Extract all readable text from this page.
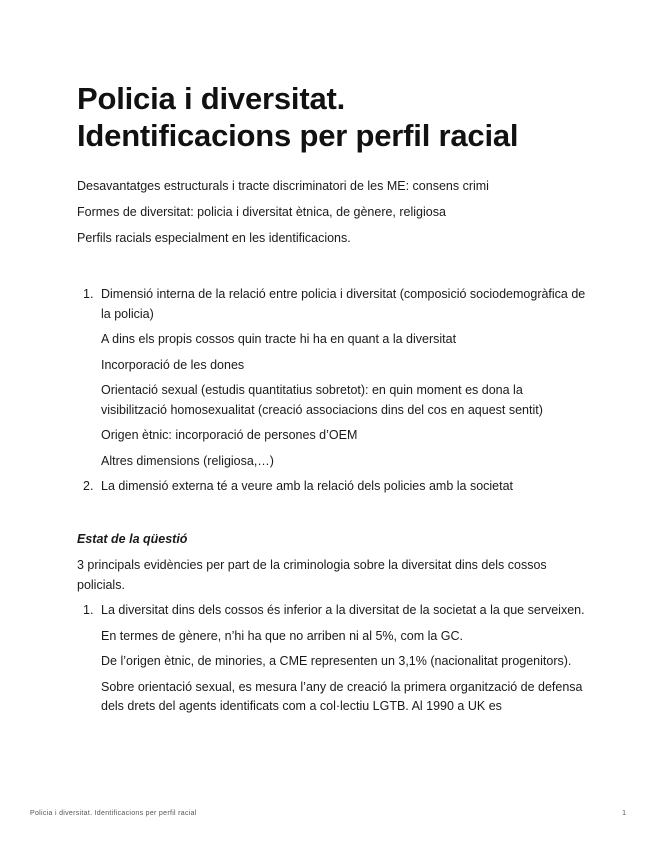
Policia i diversitat.
Identificacions per perfil racial

Desavantatges estructurals i tracte discriminatori de les ME: consens crimi

Formes de diversitat: policia i diversitat ètnica, de gènere, religiosa

Perfils racials especialment en les identificacions.

1. Dimensió interna de la relació entre policia i diversitat (composició sociodemogràfica de la policia)

A dins els propis cossos quin tracte hi ha en quant a la diversitat

Incorporació de les dones

Orientació sexual (estudis quantitatius sobretot): en quin moment es dona la visibilització homosexualitat (creació associacions dins del cos en aquest sentit)

Origen ètnic: incorporació de persones d’OEM

Altres dimensions (religiosa,…)

2. La dimensió externa té a veure amb la relació dels policies amb la societat

Estat de la qüestió

3 principals evidències per part de la criminologia sobre la diversitat dins dels cossos policials.

1. La diversitat dins dels cossos és inferior a la diversitat de la societat a la que serveixen.

En termes de gènere, n’hi ha que no arriben ni al 5%, com la GC.

De l’origen ètnic, de minories, a CME representen un 3,1% (nacionalitat progenitors).

Sobre orientació sexual, es mesura l’any de creació la primera organització de defensa dels drets del agents identificats com a col·lectiu LGTB. Al 1990 a UK es

Policia i diversitat. Identificacions per perfil racial	1
